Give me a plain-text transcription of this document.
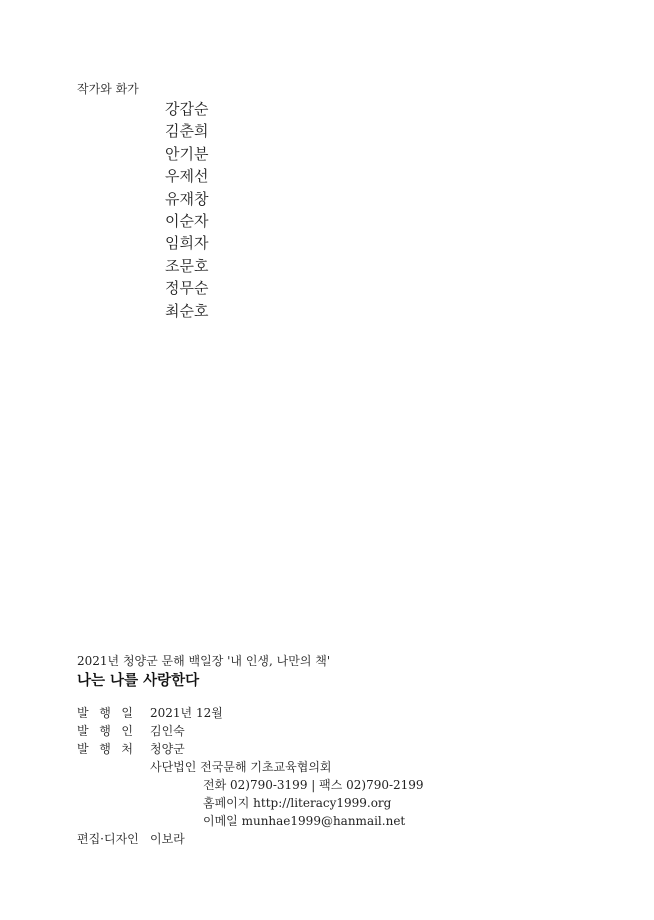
작가와 화가
강갑순
김춘희
안기분
우제선
유재창
이순자
임희자
조문호
정무순
최순호
2021년 청양군 문해 백일장 '내 인생, 나만의 책'
나는 나를 사랑한다
발 행 일 2021년 12월
발 행 인 김인숙
발 행 처 청양군
사단법인 전국문해 기초교육협의회
전화 02)790-3199 | 팩스 02)790-2199
홈페이지 http://literacy1999.org
이메일 munhae1999@hanmail.net
편집·디자인 이보라
